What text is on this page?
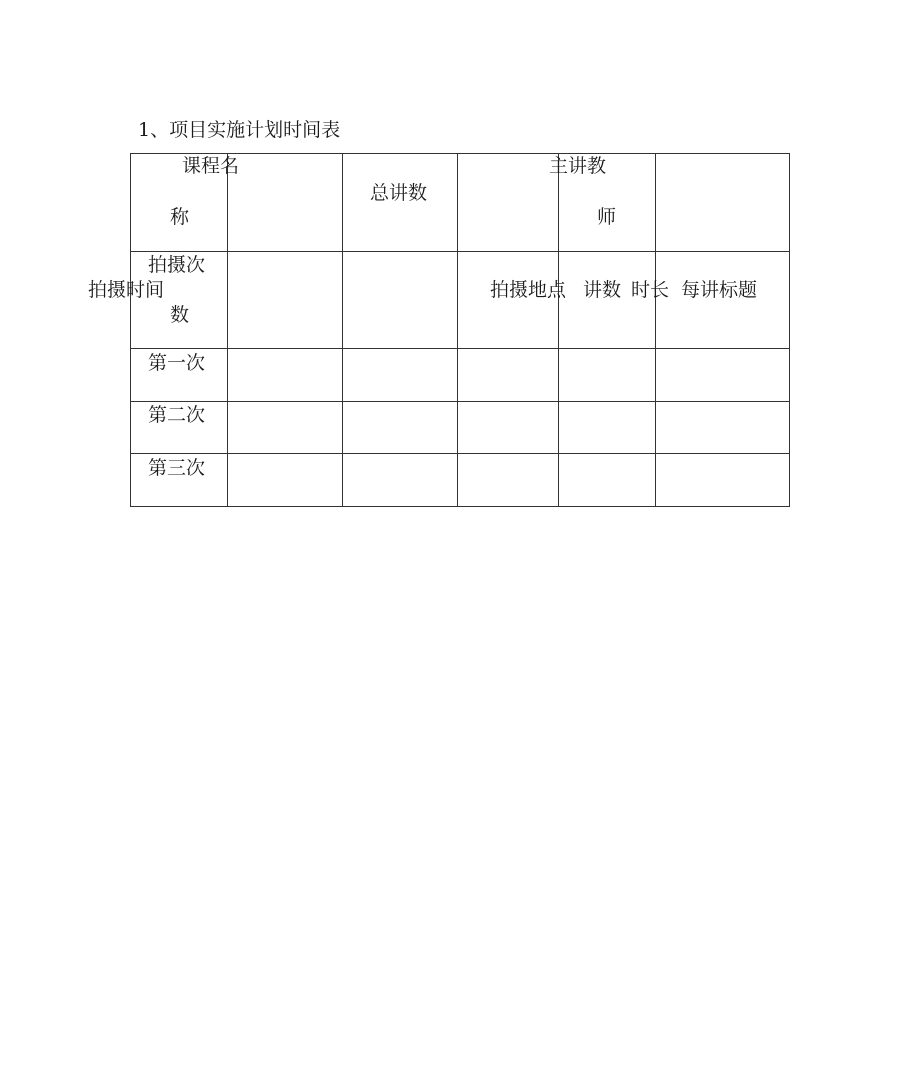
1、项目实施计划时间表
课程名
称
总讲数
主讲教
师
拍摄次
数
拍摄时间	拍摄地点 讲数 时长 每讲标题
第一次
第二次
第三次
